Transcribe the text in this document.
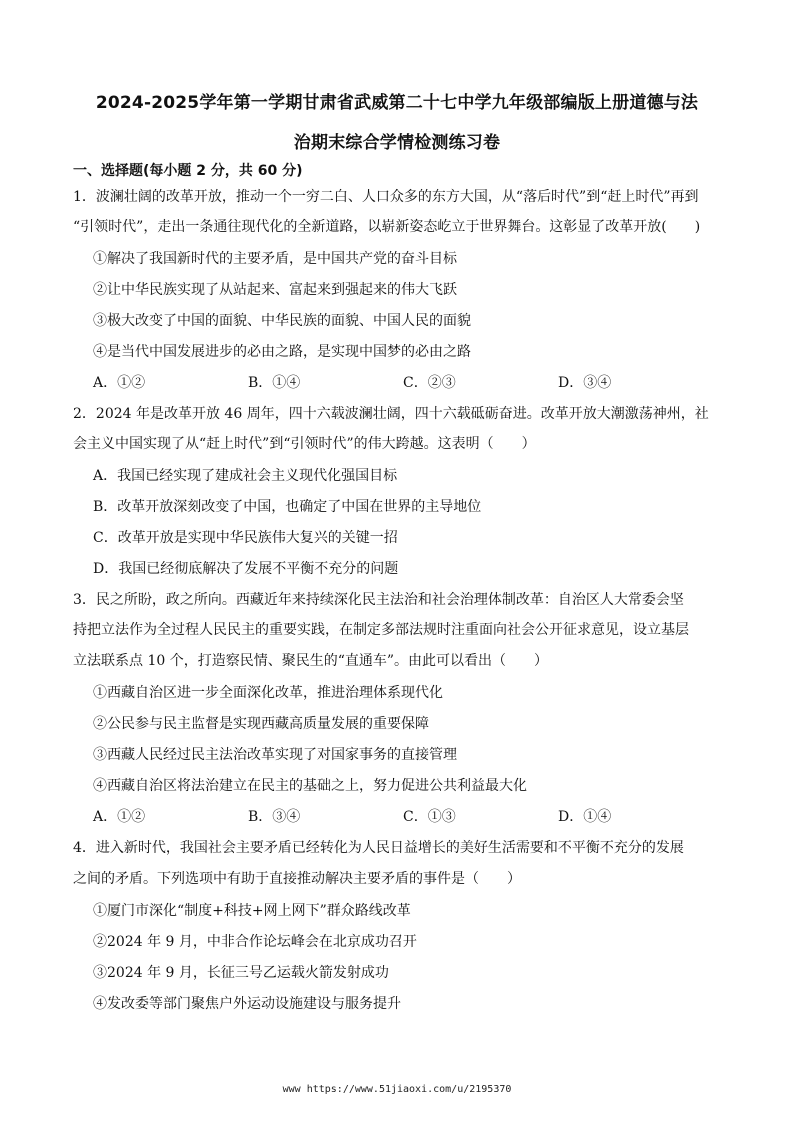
2024-2025学年第一学期甘肃省武威第二十七中学九年级部编版上册道德与法
治期末综合学情检测练习卷
一、选择题(每小题 2 分，共 60 分)
1．波澜壮阔的改革开放，推动一个一穷二白、人口众多的东方大国，从“落后时代”到“赶上时代”再到
“引领时代”，走出一条通往现代化的全新道路，以崭新姿态屹立于世界舞台。这彰显了改革开放(　　)
①解决了我国新时代的主要矛盾，是中国共产党的奋斗目标
②让中华民族实现了从站起来、富起来到强起来的伟大飞跃
③极大改变了中国的面貌、中华民族的面貌、中国人民的面貌
④是当代中国发展进步的必由之路，是实现中国梦的必由之路
A．①②	B．①④	C．②③	D．③④
2．2024 年是改革开放 46 周年，四十六载波澜壮阔，四十六载砥砺奋进。改革开放大潮激荡神州，社
会主义中国实现了从“赶上时代”到“引领时代”的伟大跨越。这表明（　　）
A．我国已经实现了建成社会主义现代化强国目标
B．改革开放深刻改变了中国，也确定了中国在世界的主导地位
C．改革开放是实现中华民族伟大复兴的关键一招
D．我国已经彻底解决了发展不平衡不充分的问题
3．民之所盼，政之所向。西藏近年来持续深化民主法治和社会治理体制改革：自治区人大常委会坚
持把立法作为全过程人民民主的重要实践，在制定多部法规时注重面向社会公开征求意见，设立基层
立法联系点 10 个，打造察民情、聚民生的“直通车”。由此可以看出（　　）
①西藏自治区进一步全面深化改革，推进治理体系现代化
②公民参与民主监督是实现西藏高质量发展的重要保障
③西藏人民经过民主法治改革实现了对国家事务的直接管理
④西藏自治区将法治建立在民主的基础之上，努力促进公共利益最大化
A．①②	B．③④	C．①③	D．①④
4．进入新时代，我国社会主要矛盾已经转化为人民日益增长的美好生活需要和不平衡不充分的发展
之间的矛盾。下列选项中有助于直接推动解决主要矛盾的事件是（　　）
①厦门市深化“制度+科技+网上网下”群众路线改革
②2024 年 9 月，中非合作论坛峰会在北京成功召开
③2024 年 9 月，长征三号乙运载火箭发射成功
④发改委等部门聚焦户外运动设施建设与服务提升
www https://www.51jiaoxi.com/u/2195370
